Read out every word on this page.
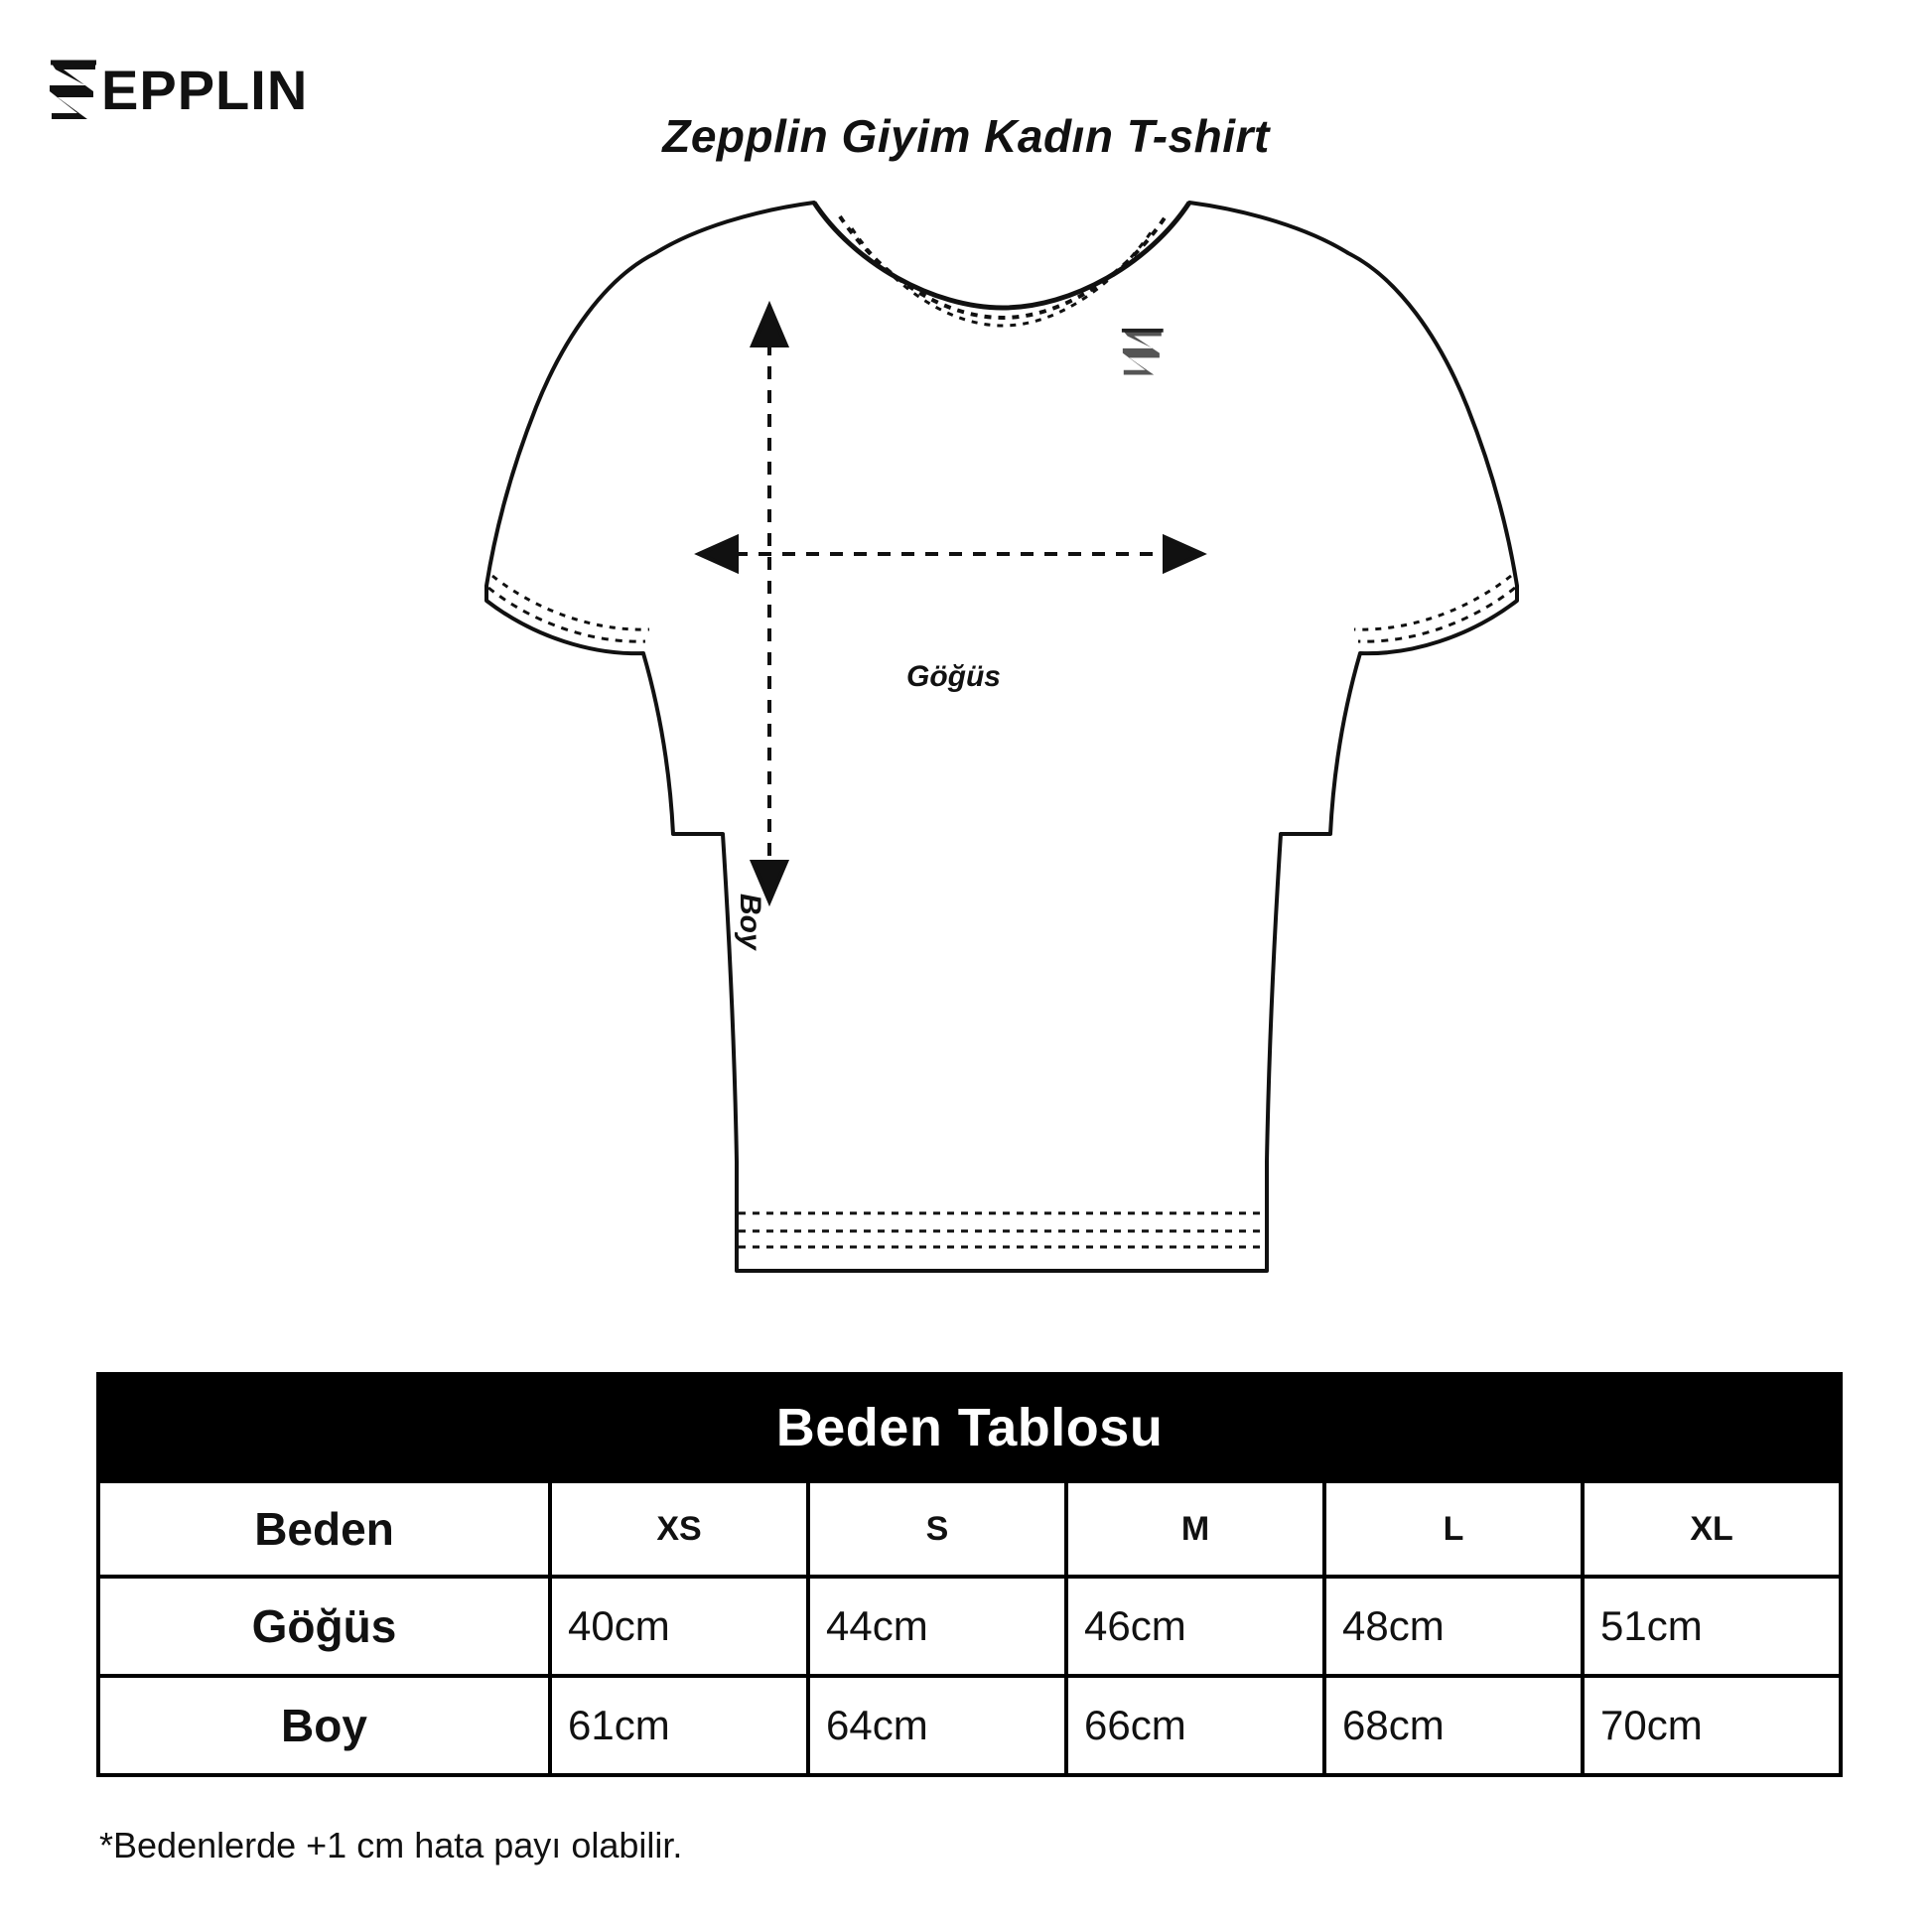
EPPLIN
Zepplin Giyim Kadın T-shirt
Göğüs
Boy
Beden Tablosu					
Beden	XS	S	M	L	XL
Göğüs	40cm	44cm	46cm	48cm	51cm
Boy	61cm	64cm	66cm	68cm	70cm
*Bedenlerde +1 cm hata payı olabilir.
